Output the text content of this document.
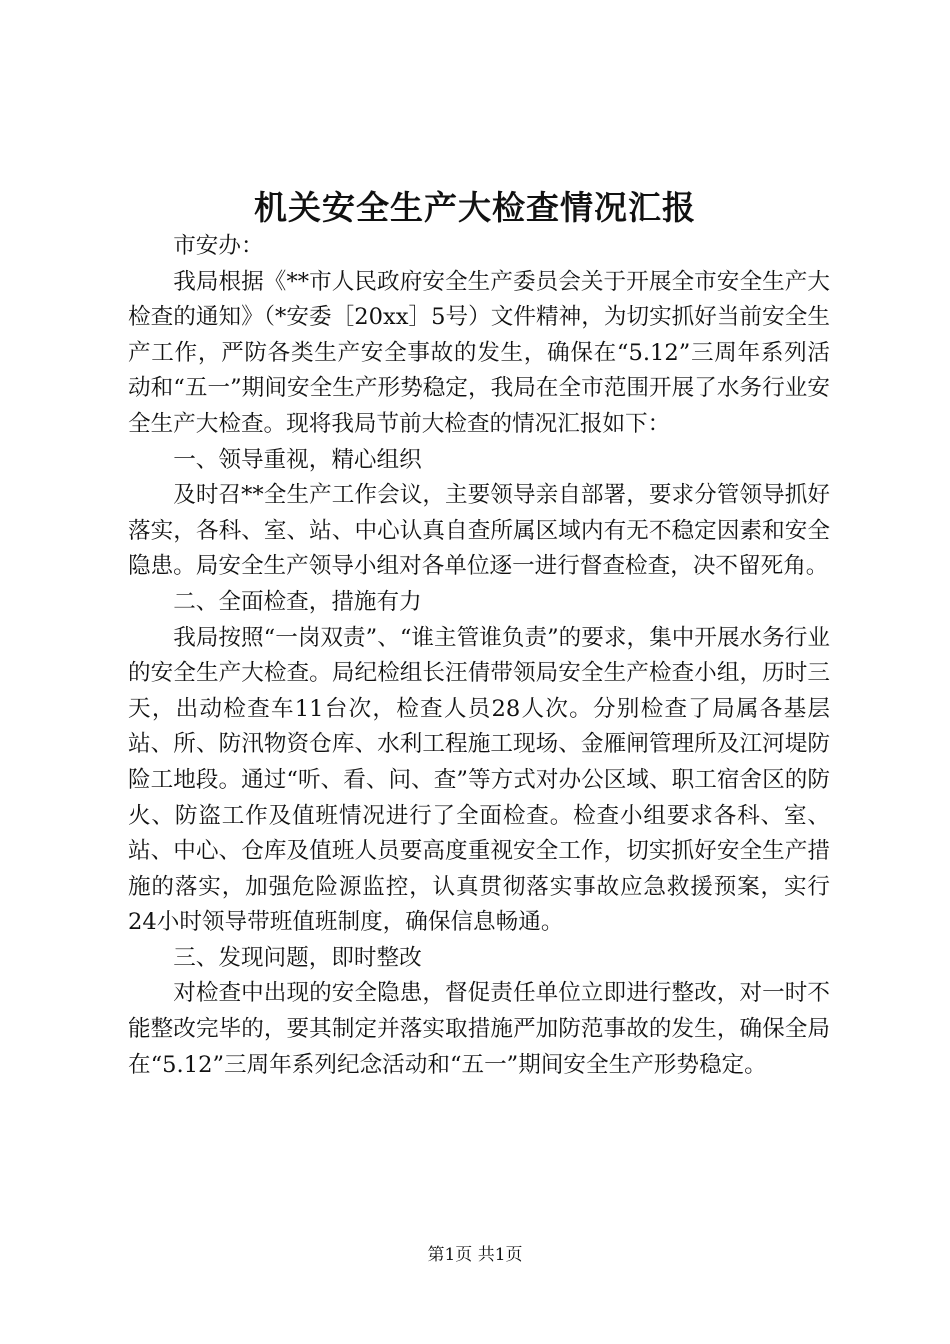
机关安全生产大检查情况汇报

市安办：

我局根据《**市人民政府安全生产委员会关于开展全市安全生产大检查的通知》（*安委［20xx］5号）文件精神，为切实抓好当前安全生产工作，严防各类生产安全事故的发生，确保在“5.12”三周年系列活动和“五一”期间安全生产形势稳定，我局在全市范围开展了水务行业安全生产大检查。现将我局节前大检查的情况汇报如下：

一、领导重视，精心组织

及时召**全生产工作会议，主要领导亲自部署，要求分管领导抓好落实，各科、室、站、中心认真自查所属区域内有无不稳定因素和安全隐患。局安全生产领导小组对各单位逐一进行督查检查，决不留死角。

二、全面检查，措施有力

我局按照“一岗双责”、“谁主管谁负责”的要求，集中开展水务行业的安全生产大检查。局纪检组长汪倩带领局安全生产检查小组，历时三天，出动检查车11台次，检查人员28人次。分别检查了局属各基层站、所、防汛物资仓库、水利工程施工现场、金雁闸管理所及江河堤防险工地段。通过“听、看、问、查”等方式对办公区域、职工宿舍区的防火、防盗工作及值班情况进行了全面检查。检查小组要求各科、室、站、中心、仓库及值班人员要高度重视安全工作，切实抓好安全生产措施的落实，加强危险源监控，认真贯彻落实事故应急救援预案，实行24小时领导带班值班制度，确保信息畅通。

三、发现问题，即时整改

对检查中出现的安全隐患，督促责任单位立即进行整改，对一时不能整改完毕的，要其制定并落实取措施严加防范事故的发生，确保全局在“5.12”三周年系列纪念活动和“五一”期间安全生产形势稳定。

第1页 共1页
